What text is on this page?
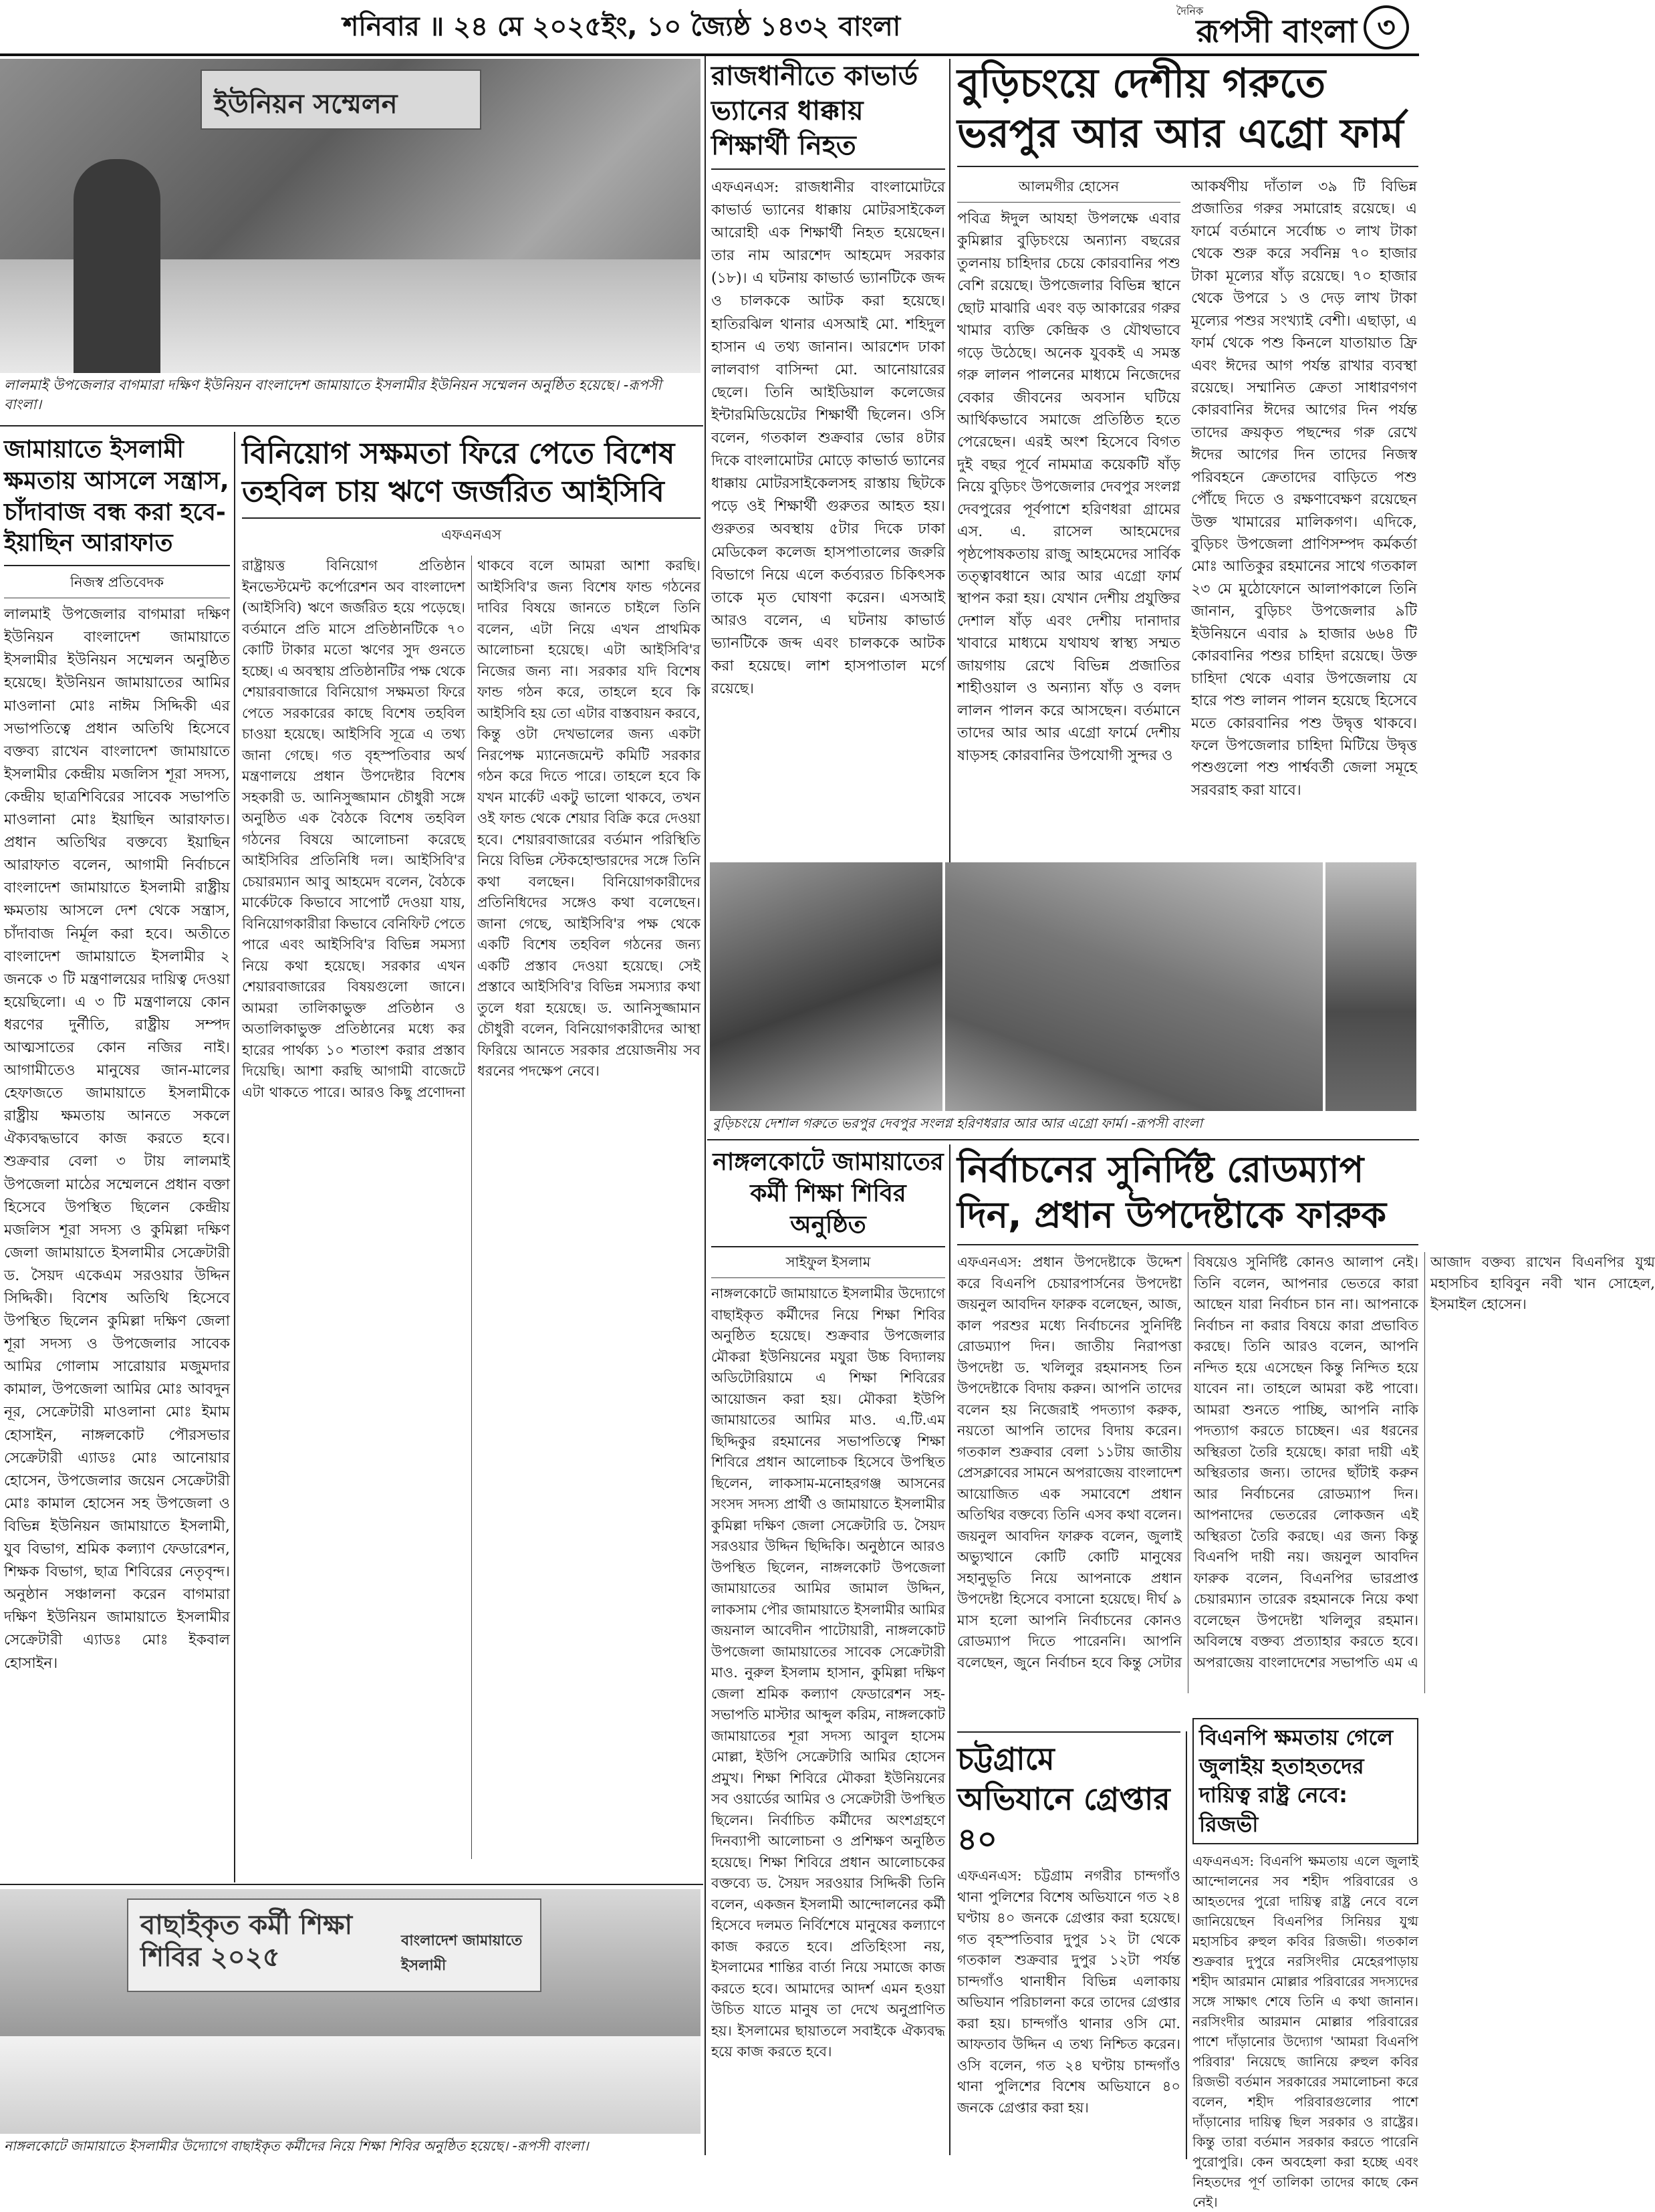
শনিবার ॥ ২৪ মে ২০২৫ইং, ১০ জ্যৈষ্ঠ ১৪৩২ বাংলা
দৈনিক
রূপসী বাংলা ৩
ইউনিয়ন সম্মেলন
লালমাই উপজেলার বাগমারা দক্ষিণ ইউনিয়ন বাংলাদেশ জামায়াতে ইসলামীর ইউনিয়ন সম্মেলন অনুষ্ঠিত হয়েছে। -রূপসী বাংলা।
জামায়াতে ইসলামী ক্ষমতায় আসলে সন্ত্রাস, চাঁদাবাজ বন্ধ করা হবে-ইয়াছিন আরাফাত
নিজস্ব প্রতিবেদক

লালমাই উপজেলার বাগমারা দক্ষিণ ইউনিয়ন বাংলাদেশ জামায়াতে ইসলামীর ইউনিয়ন সম্মেলন অনুষ্ঠিত হয়েছে। ইউনিয়ন জামায়াতের আমির মাওলানা মোঃ নাঈম সিদ্দিকী এর সভাপতিত্বে প্রধান অতিথি হিসেবে বক্তব্য রাখেন বাংলাদেশ জামায়াতে ইসলামীর কেন্দ্রীয় মজলিস শূরা সদস্য, কেন্দ্রীয় ছাত্রশিবিরের সাবেক সভাপতি মাওলানা মোঃ ইয়াছিন আরাফাত। প্রধান অতিথির বক্তব্যে ইয়াছিন আরাফাত বলেন, আগামী নির্বাচনে বাংলাদেশ জামায়াতে ইসলামী রাষ্ট্রীয় ক্ষমতায় আসলে দেশ থেকে সন্ত্রাস, চাঁদাবাজ নির্মূল করা হবে। অতীতে বাংলাদেশ জামায়াতে ইসলামীর ২ জনকে ৩ টি মন্ত্রণালয়ের দায়িত্ব দেওয়া হয়েছিলো। এ ৩ টি মন্ত্রণালয়ে কোন ধরণের দুর্নীতি, রাষ্ট্রীয় সম্পদ আত্মসাতের কোন নজির নাই। আগামীতেও মানুষের জান-মালের হেফাজতে জামায়াতে ইসলামীকে রাষ্ট্রীয় ক্ষমতায় আনতে সকলে ঐক্যবদ্ধভাবে কাজ করতে হবে। শুক্রবার বেলা ৩ টায় লালমাই উপজেলা মাঠের সম্মেলনে প্রধান বক্তা হিসেবে উপস্থিত ছিলেন কেন্দ্রীয় মজলিস শূরা সদস্য ও কুমিল্লা দক্ষিণ জেলা জামায়াতে ইসলামীর সেক্রেটারী ড. সৈয়দ একেএম সরওয়ার উদ্দিন সিদ্দিকী। বিশেষ অতিথি হিসেবে উপস্থিত ছিলেন কুমিল্লা দক্ষিণ জেলা শূরা সদস্য ও উপজেলার সাবেক আমির গোলাম সারোয়ার মজুমদার কামাল, উপজেলা আমির মোঃ আবদুন নূর, সেক্রেটারী মাওলানা মোঃ ইমাম হোসাইন, নাঙ্গলকোট পৌরসভার সেক্রেটারী এ্যাডঃ মোঃ আনোয়ার হোসেন, উপজেলার জয়েন সেক্রেটারী মোঃ কামাল হোসেন সহ উপজেলা ও বিভিন্ন ইউনিয়ন জামায়াতে ইসলামী, যুব বিভাগ, শ্রমিক কল্যাণ ফেডারেশন, শিক্ষক বিভাগ, ছাত্র শিবিরের নেতৃবৃন্দ। অনুষ্ঠান সঞ্চালনা করেন বাগমারা দক্ষিণ ইউনিয়ন জামায়াতে ইসলামীর সেক্রেটারী এ্যাডঃ মোঃ ইকবাল হোসাইন।

বিনিয়োগ সক্ষমতা ফিরে পেতে বিশেষ তহবিল চায় ঋণে জর্জরিত আইসিবি
এফএনএস

রাষ্ট্রায়ত্ত বিনিয়োগ প্রতিষ্ঠান ইনভেস্টমেন্ট কর্পোরেশন অব বাংলাদেশ (আইসিবি) ঋণে জর্জরিত হয়ে পড়েছে। বর্তমানে প্রতি মাসে প্রতিষ্ঠানটিকে ৭০ কোটি টাকার মতো ঋণের সুদ গুনতে হচ্ছে। এ অবস্থায় প্রতিষ্ঠানটির পক্ষ থেকে শেয়ারবাজারে বিনিয়োগ সক্ষমতা ফিরে পেতে সরকারের কাছে বিশেষ তহবিল চাওয়া হয়েছে। আইসিবি সূত্রে এ তথ্য জানা গেছে। গত বৃহস্পতিবার অর্থ মন্ত্রণালয়ে প্রধান উপদেষ্টার বিশেষ সহকারী ড. আনিসুজ্জামান চৌধুরী সঙ্গে অনুষ্ঠিত এক বৈঠকে বিশেষ তহবিল গঠনের বিষয়ে আলোচনা করেছে আইসিবির প্রতিনিধি দল। আইসিবি'র চেয়ারম্যান আবু আহমেদ বলেন, বৈঠকে মার্কেটকে কিভাবে সাপোর্ট দেওয়া যায়, বিনিয়োগকারীরা কিভাবে বেনিফিট পেতে পারে এবং আইসিবি'র বিভিন্ন সমস্যা নিয়ে কথা হয়েছে। সরকার এখন শেয়ারবাজারের বিষয়গুলো জানে। আমরা তালিকাভুক্ত প্রতিষ্ঠান ও অতালিকাভুক্ত প্রতিষ্ঠানের মধ্যে কর হারের পার্থক্য ১০ শতাংশ করার প্রস্তাব দিয়েছি। আশা করছি আগামী বাজেটে এটা থাকতে পারে। আরও কিছু প্রণোদনা থাকবে বলে আমরা আশা করছি। আইসিবি'র জন্য বিশেষ ফান্ড গঠনের দাবির বিষয়ে জানতে চাইলে তিনি বলেন, এটা নিয়ে এখন প্রাথমিক আলোচনা হয়েছে। এটা আইসিবি'র নিজের জন্য না। সরকার যদি বিশেষ ফান্ড গঠন করে, তাহলে হবে কি আইসিবি হয় তো এটার বাস্তবায়ন করবে, কিন্তু ওটা দেখভালের জন্য একটা নিরপেক্ষ ম্যানেজমেন্ট কমিটি সরকার গঠন করে দিতে পারে। তাহলে হবে কি যখন মার্কেট একটু ভালো থাকবে, তখন ওই ফান্ড থেকে শেয়ার বিক্রি করে দেওয়া হবে। শেয়ারবাজারের বর্তমান পরিস্থিতি নিয়ে বিভিন্ন স্টেকহোল্ডারদের সঙ্গে তিনি কথা বলছেন। বিনিয়োগকারীদের প্রতিনিধিদের সঙ্গেও কথা বলেছেন। জানা গেছে, আইসিবি'র পক্ষ থেকে একটি বিশেষ তহবিল গঠনের জন্য একটি প্রস্তাব দেওয়া হয়েছে। সেই প্রস্তাবে আইসিবি'র বিভিন্ন সমস্যার কথা তুলে ধরা হয়েছে। ড. আনিসুজ্জামান চৌধুরী বলেন, বিনিয়োগকারীদের আস্থা ফিরিয়ে আনতে সরকার প্রয়োজনীয় সব ধরনের পদক্ষেপ নেবে।

রাজধানীতে কাভার্ড ভ্যানের ধাক্কায় শিক্ষার্থী নিহত

এফএনএস: রাজধানীর বাংলামোটরে কাভার্ড ভ্যানের ধাক্কায় মোটরসাইকেল আরোহী এক শিক্ষার্থী নিহত হয়েছেন। তার নাম আরশেদ আহমেদ সরকার (১৮)। এ ঘটনায় কাভার্ড ভ্যানটিকে জব্দ ও চালককে আটক করা হয়েছে। হাতিরঝিল থানার এসআই মো. শহিদুল হাসান এ তথ্য জানান। আরশেদ ঢাকা লালবাগ বাসিন্দা মো. আনোয়ারের ছেলে। তিনি আইডিয়াল কলেজের ইন্টারমিডিয়েটের শিক্ষার্থী ছিলেন। ওসি বলেন, গতকাল শুক্রবার ভোর ৪টার দিকে বাংলামোটর মোড়ে কাভার্ড ভ্যানের ধাক্কায় মোটরসাইকেলসহ রাস্তায় ছিটকে পড়ে ওই শিক্ষার্থী গুরুতর আহত হয়। গুরুতর অবস্থায় ৫টার দিকে ঢাকা মেডিকেল কলেজ হাসপাতালের জরুরি বিভাগে নিয়ে এলে কর্তব্যরত চিকিৎসক তাকে মৃত ঘোষণা করেন। এসআই আরও বলেন, এ ঘটনায় কাভার্ড ভ্যানটিকে জব্দ এবং চালককে আটক করা হয়েছে। লাশ হাসপাতাল মর্গে রয়েছে।

বুড়িচংয়ে দেশীয় গরুতে ভরপুর আর আর এগ্রো ফার্ম
আলমগীর হোসেন

পবিত্র ঈদুল আযহা উপলক্ষে এবার কুমিল্লার বুড়িচংয়ে অন্যান্য বছরের তুলনায় চাহিদার চেয়ে কোরবানির পশু বেশি রয়েছে। উপজেলার বিভিন্ন স্থানে ছোট মাঝারি এবং বড় আকারের গরুর খামার ব্যক্তি কেন্দ্রিক ও যৌথভাবে গড়ে উঠেছে। অনেক যুবকই এ সমস্ত গরু লালন পালনের মাধ্যমে নিজেদের বেকার জীবনের অবসান ঘটিয়ে আর্থিকভাবে সমাজে প্রতিষ্ঠিত হতে পেরেছেন। এরই অংশ হিসেবে বিগত দুই বছর পূর্বে নামমাত্র কয়েকটি ষাঁড় নিয়ে বুড়িচং উপজেলার দেবপুর সংলগ্ন দেবপুরের পূর্বপাশে হরিণধরা গ্রামের এস. এ. রাসেল আহমেদের পৃষ্ঠপোষকতায় রাজু আহমেদের সার্বিক তত্ত্বাবধানে আর আর এগ্রো ফার্ম স্থাপন করা হয়। যেখান দেশীয় প্রযুক্তির দেশাল ষাঁড় এবং দেশীয় দানাদার খাবারে মাধ্যমে যথাযথ স্বাস্থ্য সম্মত জায়গায় রেখে বিভিন্ন প্রজাতির শাহীওয়াল ও অন্যান্য ষাঁড় ও বলদ লালন পালন করে আসছেন। বর্তমানে তাদের আর আর এগ্রো ফার্মে দেশীয় ষাড়সহ কোরবানির উপযোগী সুন্দর ও

আকর্ষণীয় দাঁতাল ৩৯ টি বিভিন্ন প্রজাতির গরুর সমারোহ রয়েছে। এ ফার্মে বর্তমানে সর্বোচ্চ ৩ লাখ টাকা থেকে শুরু করে সর্বনিম্ন ৭০ হাজার টাকা মূল্যের ষাঁড় রয়েছে। ৭০ হাজার থেকে উপরে ১ ও দেড় লাখ টাকা মূল্যের পশুর সংখ্যাই বেশী। এছাড়া, এ ফার্ম থেকে পশু কিনলে যাতায়াত ফ্রি এবং ঈদের আগ পর্যন্ত রাখার ব্যবস্থা রয়েছে। সম্মানিত ক্রেতা সাধারণগণ কোরবানির ঈদের আগের দিন পর্যন্ত তাদের ক্রয়কৃত পছন্দের গরু রেখে ঈদের আগের দিন তাদের নিজস্ব পরিবহনে ক্রেতাদের বাড়িতে পশু পৌঁছে দিতে ও রক্ষণাবেক্ষণ রয়েছেন উক্ত খামারের মালিকগণ। এদিকে, বুড়িচং উপজেলা প্রাণিসম্পদ কর্মকর্তা মোঃ আতিকুর রহমানের সাথে গতকাল ২৩ মে মুঠোফোনে আলাপকালে তিনি জানান, বুড়িচং উপজেলার ৯টি ইউনিয়নে এবার ৯ হাজার ৬৬৪ টি কোরবানির পশুর চাহিদা রয়েছে। উক্ত চাহিদা থেকে এবার উপজেলায় যে হারে পশু লালন পালন হয়েছে হিসেবে মতে কোরবানির পশু উদ্বৃত্ত থাকবে। ফলে উপজেলার চাহিদা মিটিয়ে উদ্বৃত্ত পশুগুলো পশু পার্শ্ববর্তী জেলা সমূহে সরবরাহ করা যাবে।

বুড়িচংয়ে দেশাল গরুতে ভরপুর দেবপুর সংলগ্ন হরিণধরার আর আর এগ্রো ফার্ম। -রূপসী বাংলা
নাঙ্গলকোটে জামায়াতের কর্মী শিক্ষা শিবির অনুষ্ঠিত
সাইফুল ইসলাম

নাঙ্গলকোটে জামায়াতে ইসলামীর উদ্যোগে বাছাইকৃত কর্মীদের নিয়ে শিক্ষা শিবির অনুষ্ঠিত হয়েছে। শুক্রবার উপজেলার মৌকরা ইউনিয়নের মযুরা উচ্চ বিদ্যালয় অডিটোরিয়ামে এ শিক্ষা শিবিরের আয়োজন করা হয়। মৌকরা ইউপি জামায়াতের আমির মাও. এ.টি.এম ছিদ্দিকুর রহমানের সভাপতিত্বে শিক্ষা শিবিরে প্রধান আলোচক হিসেবে উপস্থিত ছিলেন, লাকসাম-মনোহরগঞ্জ আসনের সংসদ সদস্য প্রার্থী ও জামায়াতে ইসলামীর কুমিল্লা দক্ষিণ জেলা সেক্রেটারি ড. সৈয়দ সরওয়ার উদ্দিন ছিদ্দিকি। অনুষ্ঠানে আরও উপস্থিত ছিলেন, নাঙ্গলকোট উপজেলা জামায়াতের আমির জামাল উদ্দিন, লাকসাম পৌর জামায়াতে ইসলামীর আমির জয়নাল আবেদীন পাটোয়ারী, নাঙ্গলকোট উপজেলা জামায়াতের সাবেক সেক্রেটারী মাও. নুরুল ইসলাম হাসান, কুমিল্লা দক্ষিণ জেলা শ্রমিক কল্যাণ ফেডারেশন সহ-সভাপতি মাস্টার আব্দুল করিম, নাঙ্গলকোট জামায়াতের শূরা সদস্য আবুল হাসেম মোল্লা, ইউপি সেক্রেটারি আমির হোসেন প্রমুখ। শিক্ষা শিবিরে মৌকরা ইউনিয়নের সব ওয়ার্ডের আমির ও সেক্রেটারী উপস্থিত ছিলেন। নির্বাচিত কর্মীদের অংশগ্রহণে দিনব্যাপী আলোচনা ও প্রশিক্ষণ অনুষ্ঠিত হয়েছে। শিক্ষা শিবিরে প্রধান আলোচকের বক্তব্যে ড. সৈয়দ সরওয়ার সিদ্দিকী তিনি বলেন, একজন ইসলামী আন্দোলনের কর্মী হিসেবে দলমত নির্বিশেষে মানুষের কল্যাণে কাজ করতে হবে। প্রতিহিংসা নয়, ইসলামের শান্তির বার্তা নিয়ে সমাজে কাজ করতে হবে। আমাদের আদর্শ এমন হওয়া উচিত যাতে মানুষ তা দেখে অনুপ্রাণিত হয়। ইসলামের ছায়াতলে সবাইকে ঐক্যবদ্ধ হয়ে কাজ করতে হবে।

নির্বাচনের সুনির্দিষ্ট রোডম্যাপ দিন, প্রধান উপদেষ্টাকে ফারুক

এফএনএস: প্রধান উপদেষ্টাকে উদ্দেশ করে বিএনপি চেয়ারপার্সনের উপদেষ্টা জয়নুল আবদিন ফারুক বলেছেন, আজ, কাল পরশুর মধ্যে নির্বাচনের সুনির্দিষ্ট রোডম্যাপ দিন। জাতীয় নিরাপত্তা উপদেষ্টা ড. খলিলুর রহমানসহ তিন উপদেষ্টাকে বিদায় করুন। আপনি তাদের বলেন হয় নিজেরাই পদত্যাগ করুক, নয়তো আপনি তাদের বিদায় করেন। গতকাল শুক্রবার বেলা ১১টায় জাতীয় প্রেসক্লাবের সামনে অপরাজেয় বাংলাদেশ আয়োজিত এক সমাবেশে প্রধান অতিথির বক্তব্যে তিনি এসব কথা বলেন। জয়নুল আবদিন ফারুক বলেন, জুলাই অভ্যুত্থানে কোটি কোটি মানুষের সহানুভূতি নিয়ে আপনাকে প্রধান উপদেষ্টা হিসেবে বসানো হয়েছে। দীর্ঘ ৯ মাস হলো আপনি নির্বাচনের কোনও রোডম্যাপ দিতে পারেননি। আপনি বলেছেন, জুনে নির্বাচন হবে কিন্তু সেটার বিষয়েও সুনির্দিষ্ট কোনও আলাপ নেই। তিনি বলেন, আপনার ভেতরে কারা আছেন যারা নির্বাচন চান না। আপনাকে নির্বাচন না করার বিষয়ে কারা প্রভাবিত করছে। তিনি আরও বলেন, আপনি নন্দিত হয়ে এসেছেন কিন্তু নিন্দিত হয়ে যাবেন না। তাহলে আমরা কষ্ট পাবো। আমরা শুনতে পাচ্ছি, আপনি নাকি পদত্যাগ করতে চাচ্ছেন। এর ধরনের অস্থিরতা তৈরি হয়েছে। কারা দায়ী এই অস্থিরতার জন্য। তাদের ছাঁটাই করুন আর নির্বাচনের রোডম্যাপ দিন। আপনাদের ভেতরের লোকজন এই অস্থিরতা তৈরি করছে। এর জন্য কিন্তু বিএনপি দায়ী নয়। জয়নুল আবদিন ফারুক বলেন, বিএনপির ভারপ্রাপ্ত চেয়ারম্যান তারেক রহমানকে নিয়ে কথা বলেছেন উপদেষ্টা খলিলুর রহমান। অবিলম্বে বক্তব্য প্রত্যাহার করতে হবে। অপরাজেয় বাংলাদেশের সভাপতি এম এ আজাদ বক্তব্য রাখেন বিএনপির যুগ্ম মহাসচিব হাবিবুন নবী খান সোহেল, ইসমাইল হোসেন।

চট্টগ্রামে অভিযানে গ্রেপ্তার ৪০

এফএনএস: চট্টগ্রাম নগরীর চান্দগাঁও থানা পুলিশের বিশেষ অভিযানে গত ২৪ ঘণ্টায় ৪০ জনকে গ্রেপ্তার করা হয়েছে। গত বৃহস্পতিবার দুপুর ১২ টা থেকে গতকাল শুক্রবার দুপুর ১২টা পর্যন্ত চান্দগাঁও থানাধীন বিভিন্ন এলাকায় অভিযান পরিচালনা করে তাদের গ্রেপ্তার করা হয়। চান্দগাঁও থানার ওসি মো. আফতাব উদ্দিন এ তথ্য নিশ্চিত করেন। ওসি বলেন, গত ২৪ ঘণ্টায় চান্দগাঁও থানা পুলিশের বিশেষ অভিযানে ৪০ জনকে গ্রেপ্তার করা হয়।

বিএনপি ক্ষমতায় গেলে জুলাইয় হতাহতদের দায়িত্ব রাষ্ট্র নেবে: রিজভী

এফএনএস: বিএনপি ক্ষমতায় এলে জুলাই আন্দোলনের সব শহীদ পরিবারের ও আহতদের পুরো দায়িত্ব রাষ্ট্র নেবে বলে জানিয়েছেন বিএনপির সিনিয়র যুগ্ম মহাসচিব রুহুল কবির রিজভী। গতকাল শুক্রবার দুপুরে নরসিংদীর মেহেরপাড়ায় শহীদ আরমান মোল্লার পরিবারের সদস্যদের সঙ্গে সাক্ষাৎ শেষে তিনি এ কথা জানান। নরসিংদীর আরমান মোল্লার পরিবারের পাশে দাঁড়ানোর উদ্যোগ 'আমরা বিএনপি পরিবার' নিয়েছে জানিয়ে রুহুল কবির রিজভী বর্তমান সরকারের সমালোচনা করে বলেন, শহীদ পরিবারগুলোর পাশে দাঁড়ানোর দায়িত্ব ছিল সরকার ও রাষ্ট্রের। কিন্তু তারা বর্তমান সরকার করতে পারেনি পুরোপুরি। কেন অবহেলা করা হচ্ছে এবং নিহতদের পূর্ণ তালিকা তাদের কাছে কেন নেই।

বাছাইকৃত কর্মী শিক্ষা শিবির ২০২৫
বাংলাদেশ জামায়াতে ইসলামী
নাঙ্গলকোটে জামায়াতে ইসলামীর উদ্যোগে বাছাইকৃত কর্মীদের নিয়ে শিক্ষা শিবির অনুষ্ঠিত হয়েছে। -রূপসী বাংলা।
